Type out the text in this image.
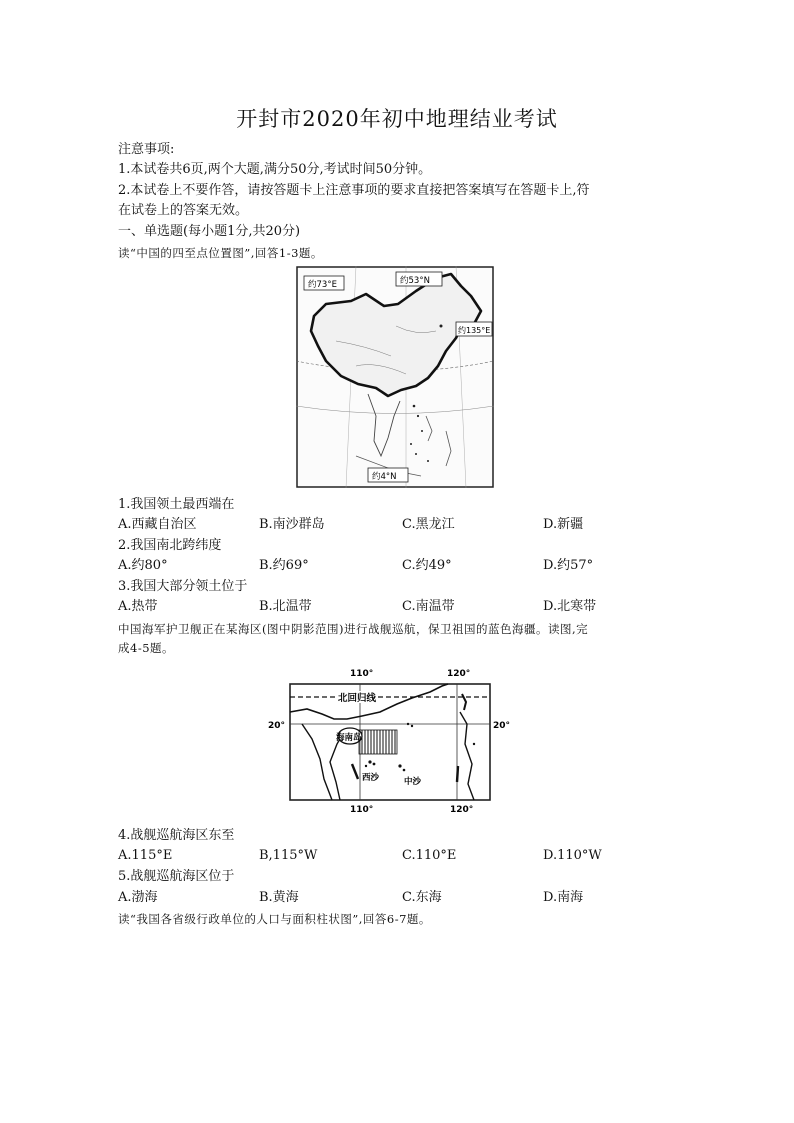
开封市2020年初中地理结业考试
注意事项:
1.本试卷共6页,两个大题,满分50分,考试时间50分钟。
2.本试卷上不要作答，请按答题卡上注意事项的要求直接把答案填写在答题卡上,符
在试卷上的答案无效。
一、单选题(每小题1分,共20分)
读“中国的四至点位置图”,回答1-3题。
约73°E	约53°N
约135°E
约4°N
1.我国领土最西端在
A.西藏自治区	B.南沙群岛	C.黑龙江	D.新疆
2.我国南北跨纬度
A.约80°	B.约69°	C.约49°	D.约57°
3.我国大部分领土位于
A.热带	B.北温带	C.南温带	D.北寒带
中国海军护卫舰正在某海区(图中阴影范围)进行战舰巡航，保卫祖国的蓝色海疆。读图,完
成4-5题。
110°	120°
110°	120°
20°	20°
北回归线
海南岛
西沙	中沙
4.战舰巡航海区东至
A.115°E	B,115°W	C.110°E	D.110°W
5.战舰巡航海区位于
A.渤海	B.黄海	C.东海	D.南海
读“我国各省级行政单位的人口与面积柱状图”,回答6-7题。
